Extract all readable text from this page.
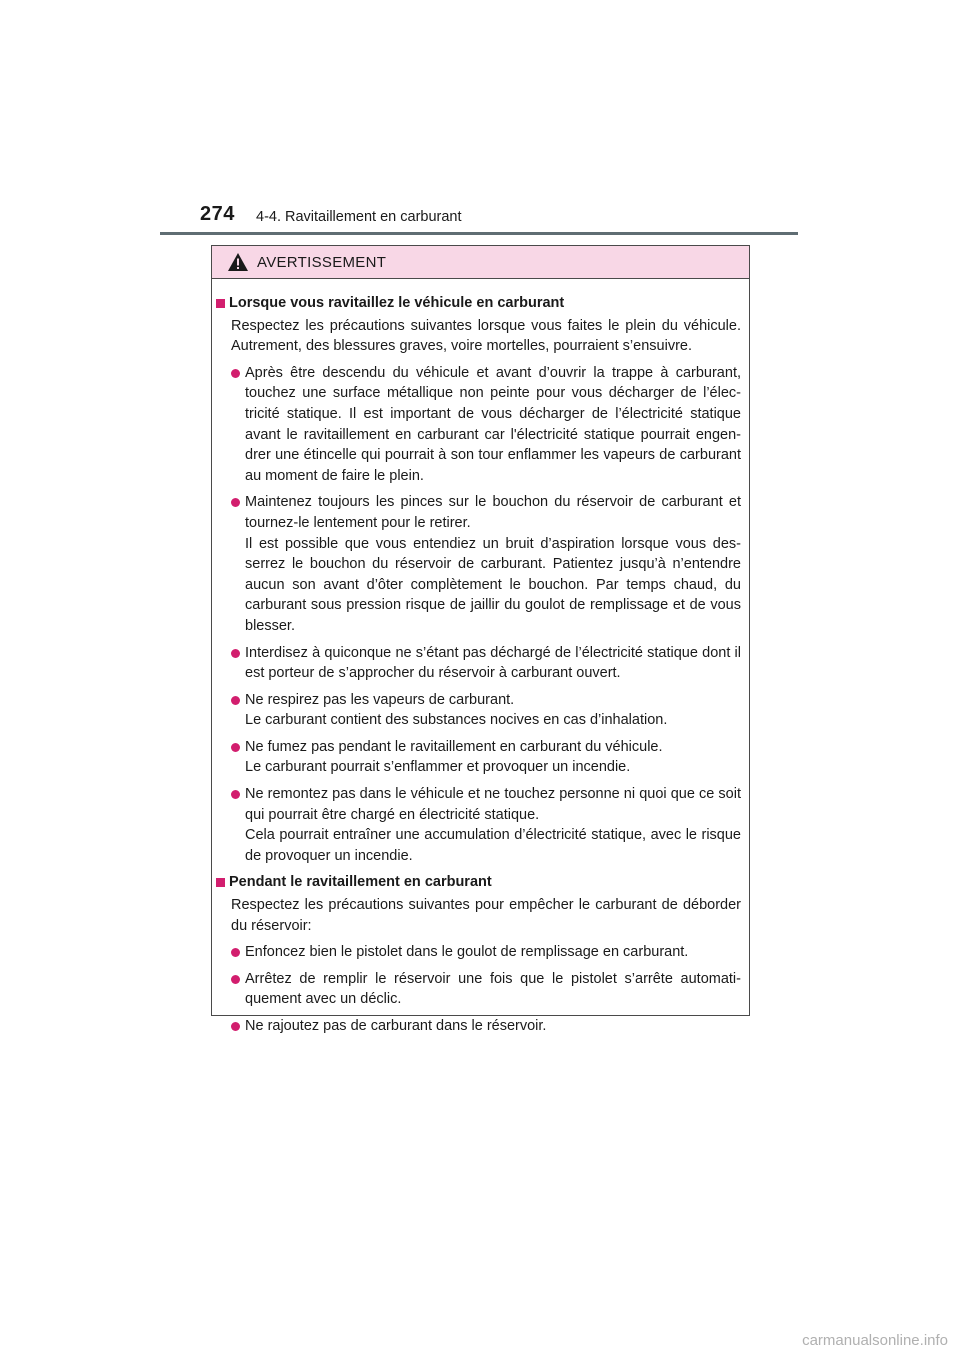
274 4-4. Ravitaillement en carburant
AVERTISSEMENT
Lorsque vous ravitaillez le véhicule en carburant
Respectez les précautions suivantes lorsque vous faites le plein du véhicule. Autrement, des blessures graves, voire mortelles, pourraient s’ensuivre.

Après être descendu du véhicule et avant d’ouvrir la trappe à carburant, touchez une surface métallique non peinte pour vous décharger de l’électricité statique. Il est important de vous décharger de l’électricité statique avant le ravitaillement en carburant car l'électricité statique pourrait engendrer une étincelle qui pourrait à son tour enflammer les vapeurs de carburant au moment de faire le plein.

Maintenez toujours les pinces sur le bouchon du réservoir de carburant et tournez-le lentement pour le retirer.

Il est possible que vous entendiez un bruit d’aspiration lorsque vous desserrez le bouchon du réservoir de carburant. Patientez jusqu’à n’entendre aucun son avant d’ôter complètement le bouchon. Par temps chaud, du carburant sous pression risque de jaillir du goulot de remplissage et de vous blesser.

Interdisez à quiconque ne s’étant pas déchargé de l’électricité statique dont il est porteur de s’approcher du réservoir à carburant ouvert.

Ne respirez pas les vapeurs de carburant.

Le carburant contient des substances nocives en cas d’inhalation.

Ne fumez pas pendant le ravitaillement en carburant du véhicule.

Le carburant pourrait s’enflammer et provoquer un incendie.

Ne remontez pas dans le véhicule et ne touchez personne ni quoi que ce soit qui pourrait être chargé en électricité statique.

Cela pourrait entraîner une accumulation d’électricité statique, avec le risque de provoquer un incendie.

Pendant le ravitaillement en carburant
Respectez les précautions suivantes pour empêcher le carburant de déborder du réservoir:

Enfoncez bien le pistolet dans le goulot de remplissage en carburant.

Arrêtez de remplir le réservoir une fois que le pistolet s’arrête automatiquement avec un déclic.

Ne rajoutez pas de carburant dans le réservoir.

carmanualsonline.info
